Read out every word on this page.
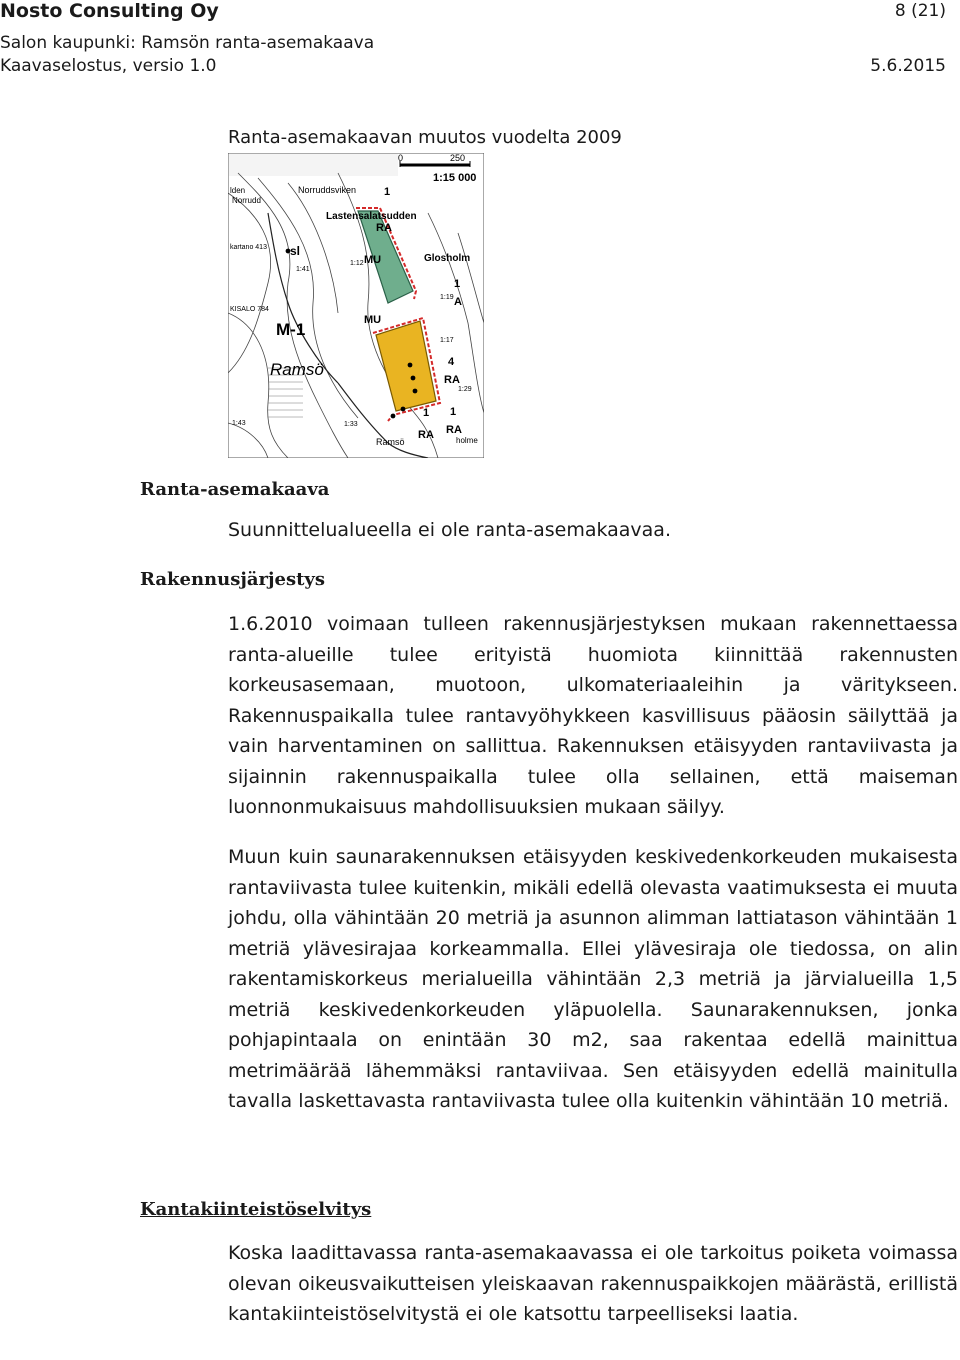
Nosto Consulting Oy	8 (21)
Salon kaupunki: Ramsön ranta-asemakaava
Kaavaselostus, versio 1.0	5.6.2015
Ranta-asemakaavan muutos vuodelta 2009
0	250
1:15 000
Norruddsviken
Lastensalatsudden
Glosholm
Ramsö
Ramsö
M-1
MU
MU
RA
RA
RA RA
sl
A
1
1
1 1
4
1:17
1:29
1:33
1:41
1:43
1:12
1:19
kartano 413
KISALO 784
Norrudd
lden
holme
Ranta-asemakaava
Suunnittelualueella ei ole ranta-asemakaavaa.
Rakennusjärjestys

1.6.2010 voimaan tulleen rakennusjärjestyksen mukaan rakennettaessa ranta-alueille tulee erityistä huomiota kiinnittää rakennusten korkeusasemaan, muotoon, ulkomateriaaleihin ja väritykseen. Rakennuspaikalla tulee rantavyöhykkeen kasvillisuus pääosin säilyttää ja vain harventaminen on sallittua. Rakennuksen etäisyyden rantaviivasta ja sijainnin rakennuspaikalla tulee olla sellainen, että maiseman luonnonmukaisuus mahdollisuuksien mukaan säilyy.

Muun kuin saunarakennuksen etäisyyden keskivedenkorkeuden mukaisesta rantaviivasta tulee kuitenkin, mikäli edellä olevasta vaatimuksesta ei muuta johdu, olla vähintään 20 metriä ja asunnon alimman lattiatason vähintään 1 metriä ylävesirajaa korkeammalla. Ellei ylävesiraja ole tiedossa, on alin rakentamiskorkeus merialueilla vähintään 2,3 metriä ja järvialueilla 1,5 metriä keskivedenkorkeuden yläpuolella. Saunarakennuksen, jonka pohjapintaala on enintään 30 m2, saa rakentaa edellä mainittua metrimäärää lähemmäksi rantaviivaa. Sen etäisyyden edellä mainitulla tavalla laskettavasta rantaviivasta tulee olla kuitenkin vähintään 10 metriä.

Kantakiinteistöselvitys

Koska laadittavassa ranta-asemakaavassa ei ole tarkoitus poiketa voimassa olevan oikeusvaikutteisen yleiskaavan rakennuspaikkojen määrästä, erillistä kantakiinteistöselvitystä ei ole katsottu tarpeelliseksi laatia.
